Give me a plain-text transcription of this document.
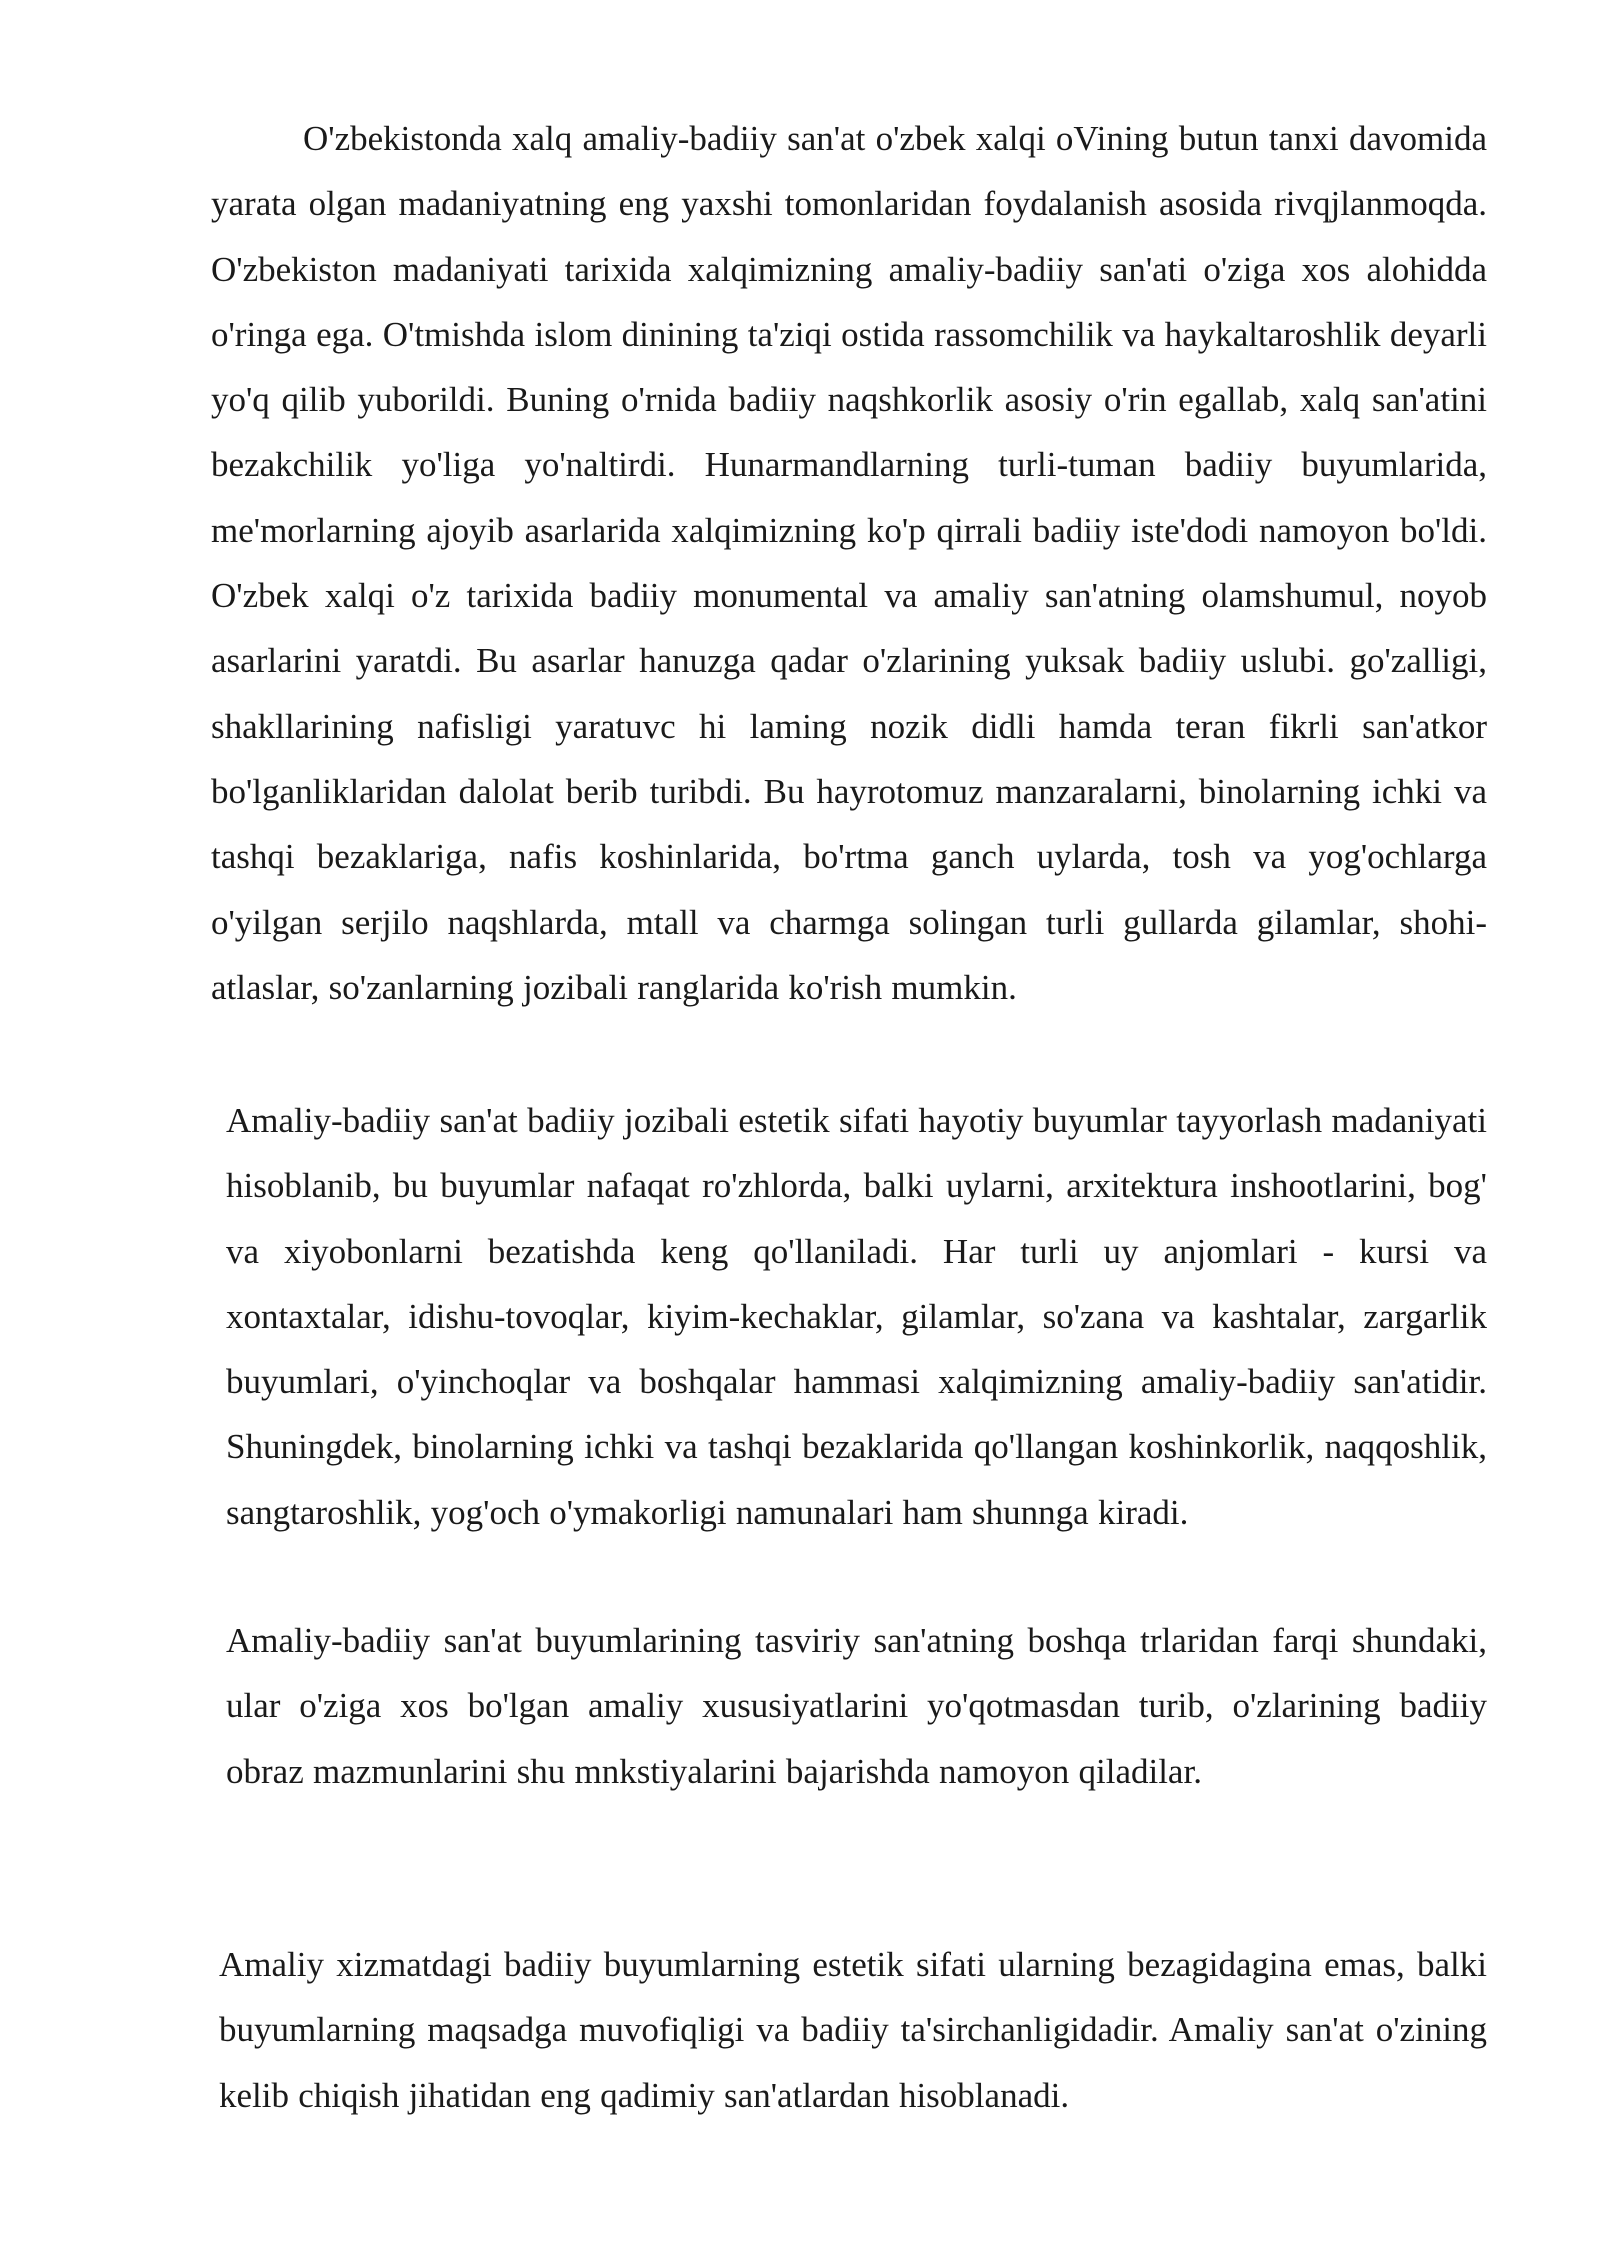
O'zbekistonda xalq amaliy-badiiy san'at o'zbek xalqi oVining butun tanxi davomida yarata olgan madaniyatning eng yaxshi tomonlaridan foydalanish asosida rivqjlanmoqda. O'zbekiston madaniyati tarixida xalqimizning amaliy-badiiy san'ati o'ziga xos alohidda o'ringa ega. O'tmishda islom dinining ta'ziqi ostida rassomchilik va haykaltaroshlik deyarli yo'q qilib yuborildi. Buning o'rnida badiiy naqshkorlik asosiy o'rin egallab, xalq san'atini bezakchilik yo'liga yo'naltirdi. Hunarmandlarning turli-tuman badiiy buyumlarida, me'morlarning ajoyib asarlarida xalqimizning ko'p qirrali badiiy iste'dodi namoyon bo'ldi. O'zbek xalqi o'z tarixida badiiy monumental va amaliy san'atning olamshumul, noyob asarlarini yaratdi. Bu asarlar hanuzga qadar o'zlarining yuksak badiiy uslubi. go'zalligi, shakllarining nafisligi yaratuvc hi laming nozik didli hamda teran fikrli san'atkor bo'lganliklaridan dalolat berib turibdi. Bu hayrotomuz manzaralarni, binolarning ichki va tashqi bezaklariga, nafis koshinlarida, bo'rtma ganch uylarda, tosh va yog'ochlarga o'yilgan serjilo naqshlarda, mtall va charmga solingan turli gullarda gilamlar, shohi-atlaslar, so'zanlarning jozibali ranglarida ko'rish mumkin.

Amaliy-badiiy san'at badiiy jozibali estetik sifati hayotiy buyumlar tayyorlash madaniyati hisoblanib, bu buyumlar nafaqat ro'zhlorda, balki uylarni, arxitektura inshootlarini, bog' va xiyobonlarni bezatishda keng qo'llaniladi. Har turli uy anjomlari - kursi va xontaxtalar, idishu-tovoqlar, kiyim-kechaklar, gilamlar, so'zana va kashtalar, zargarlik buyumlari, o'yinchoqlar va boshqalar hammasi xalqimizning amaliy-badiiy san'atidir. Shuningdek, binolarning ichki va tashqi bezaklarida qo'llangan koshinkorlik, naqqoshlik, sangtaroshlik, yog'och o'ymakorligi namunalari ham shunnga kiradi.

Amaliy-badiiy san'at buyumlarining tasviriy san'atning boshqa trlaridan farqi shundaki, ular o'ziga xos bo'lgan amaliy xususiyatlarini yo'qotmasdan turib, o'zlarining badiiy obraz mazmunlarini shu mnkstiyalarini bajarishda namoyon qiladilar.

Amaliy xizmatdagi badiiy buyumlarning estetik sifati ularning bezagidagina emas, balki buyumlarning maqsadga muvofiqligi va badiiy ta'sirchanligidadir. Amaliy san'at o'zining kelib chiqish jihatidan eng qadimiy san'atlardan hisoblanadi.
